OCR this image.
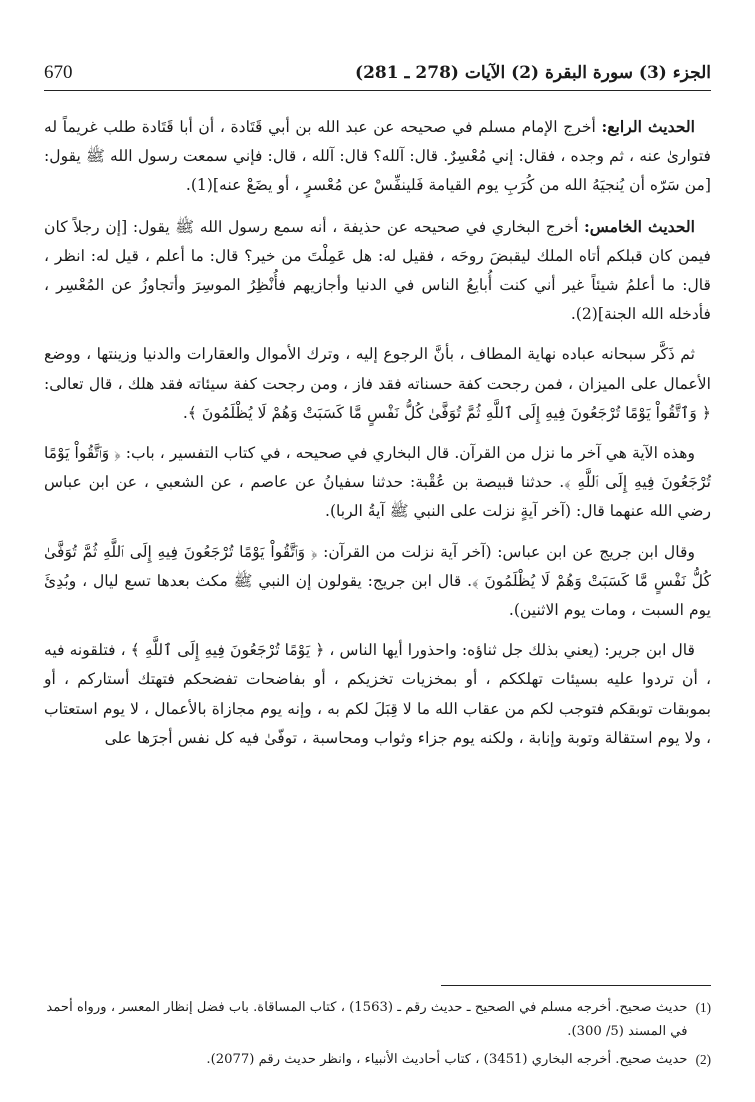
670	الجزء (3) سورة البقرة (2) الآيات (278 ـ 281)

الحديث الرابع: أخرج الإمام مسلم في صحيحه عن عبد الله بن أبي قَتَادة ، أن أبا قَتَادة طلب غريماً له فتوارىٰ عنه ، ثم وجده ، فقال: إني مُعْسِرٌ. قال: آلله؟ قال: آلله ، قال: فإني سمعت رسول الله ﷺ يقول: [من سَرّه أن يُنجيَهُ الله من كُرَبِ يوم القيامة فَلينفِّسْ عن مُعْسرٍ ، أو يضَعْ عنه](1).

الحديث الخامس: أخرج البخاري في صحيحه عن حذيفة ، أنه سمع رسول الله ﷺ يقول: [إن رجلاً كان فيمن كان قبلكم أتاه الملك ليقبضَ روحَه ، فقيل له: هل عَمِلْتَ من خير؟ قال: ما أعلم ، قيل له: انظر ، قال: ما أعلمُ شيئاً غير أني كنت أُبايعُ الناس في الدنيا وأجازيهم فأُنْظِرُ الموسِرَ وأتجاوزُ عن المُعْسِر ، فأدخله الله الجنة](2).

ثم ذَكَّر سبحانه عباده نهاية المطاف ، بأنَّ الرجوع إليه ، وترك الأموال والعقارات والدنيا وزينتها ، ووضع الأعمال على الميزان ، فمن رجحت كفة حسناته فقد فاز ، ومن رجحت كفة سيئاته فقد هلك ، قال تعالى: ﴿ وَٱتَّقُواْ يَوْمًا تُرْجَعُونَ فِيهِ إِلَى ٱللَّهِ ثُمَّ تُوَفَّىٰ كُلُّ نَفْسٍ مَّا كَسَبَتْ وَهُمْ لَا يُظْلَمُونَ ﴾.

وهذه الآية هي آخر ما نزل من القرآن. قال البخاري في صحيحه ، في كتاب التفسير ، باب: ﴿ وَٱتَّقُواْ يَوْمًا تُرْجَعُونَ فِيهِ إِلَى ٱللَّهِ ﴾. حدثنا قبيصة بن عُقْبة: حدثنا سفيانُ عن عاصم ، عن الشعبي ، عن ابن عباس رضي الله عنهما قال: (آخر آيةٍ نزلت على النبي ﷺ آيةُ الربا).

وقال ابن جريج عن ابن عباس: (آخر آية نزلت من القرآن: ﴿ وَٱتَّقُواْ يَوْمًا تُرْجَعُونَ فِيهِ إِلَى ٱللَّهِ ثُمَّ تُوَفَّىٰ كُلُّ نَفْسٍ مَّا كَسَبَتْ وَهُمْ لَا يُظْلَمُونَ ﴾. قال ابن جريج: يقولون إن النبي ﷺ مكث بعدها تسع ليال ، وبُدِئَ يوم السبت ، ومات يوم الاثنين).

قال ابن جرير: (يعني بذلك جل ثناؤه: واحذورا أيها الناس ، ﴿ يَوْمًا تُرْجَعُونَ فِيهِ إِلَى ٱللَّهِ ﴾ ، فتلقونه فيه ، أن تردوا عليه بسيئات تهلككم ، أو بمخزيات تخزيكم ، أو بفاضحات تفضحكم فتهتك أستاركم ، أو بموبقات توبقكم فتوجب لكم من عقاب الله ما لا قِبَلَ لكم به ، وإنه يوم مجازاة بالأعمال ، لا يوم استعتاب ، ولا يوم استقالة وتوبة وإنابة ، ولكنه يوم جزاء وثواب ومحاسبة ، توفّىٰ فيه كل نفس أجرَها على

(1)
حديث صحيح. أخرجه مسلم في الصحيح ـ حديث رقم ـ (1563) ، كتاب المساقاة. باب فضل إنظار المعسر ، ورواه أحمد في المسند (5/ 300).
(2)
حديث صحيح. أخرجه البخاري (3451) ، كتاب أحاديث الأنبياء ، وانظر حديث رقم (2077).
